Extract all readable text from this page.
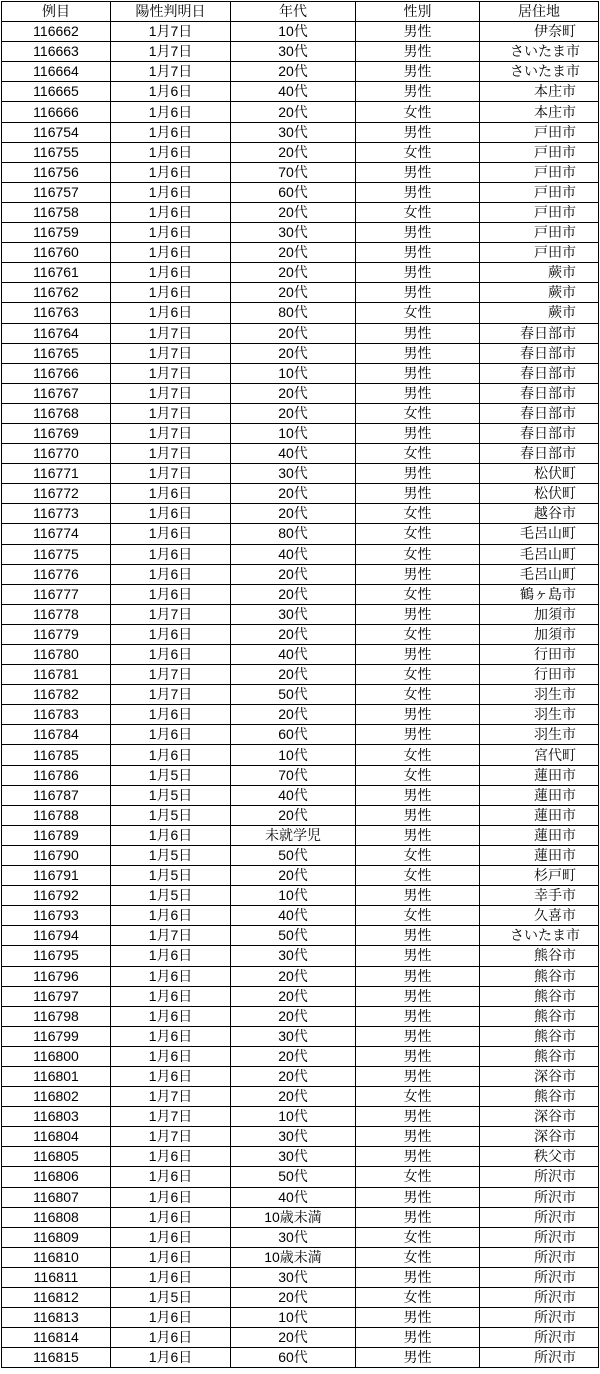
例目	陽性判明日	年代	性別	居住地
116662	1月7日	10代	男性	伊奈町
116663	1月7日	30代	男性	さいたま市
116664	1月7日	20代	男性	さいたま市
116665	1月6日	40代	男性	本庄市
116666	1月6日	20代	女性	本庄市
116754	1月6日	30代	男性	戸田市
116755	1月6日	20代	女性	戸田市
116756	1月6日	70代	男性	戸田市
116757	1月6日	60代	男性	戸田市
116758	1月6日	20代	女性	戸田市
116759	1月6日	30代	男性	戸田市
116760	1月6日	20代	男性	戸田市
116761	1月6日	20代	男性	蕨市
116762	1月6日	20代	男性	蕨市
116763	1月6日	80代	女性	蕨市
116764	1月7日	20代	男性	春日部市
116765	1月7日	20代	男性	春日部市
116766	1月7日	10代	男性	春日部市
116767	1月7日	20代	男性	春日部市
116768	1月7日	20代	女性	春日部市
116769	1月7日	10代	男性	春日部市
116770	1月7日	40代	女性	春日部市
116771	1月7日	30代	男性	松伏町
116772	1月6日	20代	男性	松伏町
116773	1月6日	20代	女性	越谷市
116774	1月6日	80代	女性	毛呂山町
116775	1月6日	40代	女性	毛呂山町
116776	1月6日	20代	男性	毛呂山町
116777	1月6日	20代	女性	鶴ヶ島市
116778	1月7日	30代	男性	加須市
116779	1月6日	20代	女性	加須市
116780	1月6日	40代	男性	行田市
116781	1月7日	20代	女性	行田市
116782	1月7日	50代	女性	羽生市
116783	1月6日	20代	男性	羽生市
116784	1月6日	60代	男性	羽生市
116785	1月6日	10代	女性	宮代町
116786	1月5日	70代	女性	蓮田市
116787	1月5日	40代	男性	蓮田市
116788	1月5日	20代	男性	蓮田市
116789	1月6日	未就学児	男性	蓮田市
116790	1月5日	50代	女性	蓮田市
116791	1月5日	20代	女性	杉戸町
116792	1月5日	10代	男性	幸手市
116793	1月6日	40代	女性	久喜市
116794	1月7日	50代	男性	さいたま市
116795	1月6日	30代	男性	熊谷市
116796	1月6日	20代	男性	熊谷市
116797	1月6日	20代	男性	熊谷市
116798	1月6日	20代	男性	熊谷市
116799	1月6日	30代	男性	熊谷市
116800	1月6日	20代	男性	熊谷市
116801	1月6日	20代	男性	深谷市
116802	1月7日	20代	女性	熊谷市
116803	1月7日	10代	男性	深谷市
116804	1月7日	30代	男性	深谷市
116805	1月6日	30代	男性	秩父市
116806	1月6日	50代	女性	所沢市
116807	1月6日	40代	男性	所沢市
116808	1月6日	10歳未満	男性	所沢市
116809	1月6日	30代	女性	所沢市
116810	1月6日	10歳未満	女性	所沢市
116811	1月6日	30代	男性	所沢市
116812	1月5日	20代	女性	所沢市
116813	1月6日	10代	男性	所沢市
116814	1月6日	20代	男性	所沢市
116815	1月6日	60代	男性	所沢市
